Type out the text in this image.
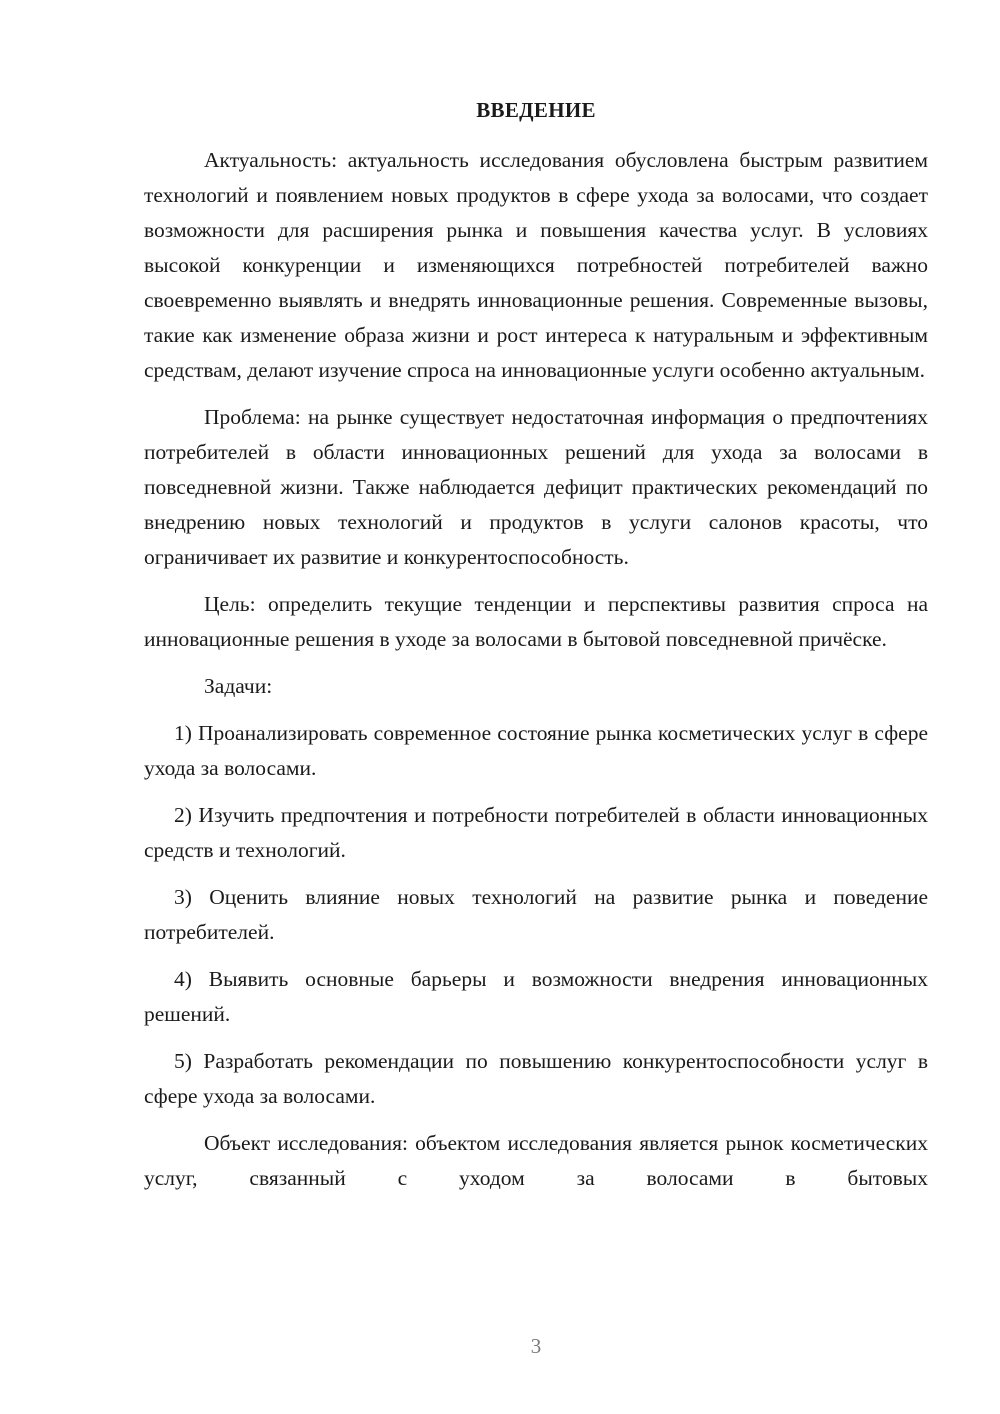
ВВЕДЕНИЕ

Актуальность: актуальность исследования обусловлена быстрым развитием технологий и появлением новых продуктов в сфере ухода за волосами, что создает возможности для расширения рынка и повышения качества услуг. В условиях высокой конкуренции и изменяющихся потребностей потребителей важно своевременно выявлять и внедрять инновационные решения. Современные вызовы, такие как изменение образа жизни и рост интереса к натуральным и эффективным средствам, делают изучение спроса на инновационные услуги особенно актуальным.

Проблема: на рынке существует недостаточная информация о предпочтениях потребителей в области инновационных решений для ухода за волосами в повседневной жизни. Также наблюдается дефицит практических рекомендаций по внедрению новых технологий и продуктов в услуги салонов красоты, что ограничивает их развитие и конкурентоспособность.

Цель: определить текущие тенденции и перспективы развития спроса на инновационные решения в уходе за волосами в бытовой повседневной причёске.

Задачи:

1) Проанализировать современное состояние рынка косметических услуг в сфере ухода за волосами.

2) Изучить предпочтения и потребности потребителей в области инновационных средств и технологий.

3) Оценить влияние новых технологий на развитие рынка и поведение потребителей.

4) Выявить основные барьеры и возможности внедрения инновационных решений.

5) Разработать рекомендации по повышению конкурентоспособности услуг в сфере ухода за волосами.

Объект исследования: объектом исследования является рынок косметических услуг, связанный с уходом за волосами в бытовых

3
